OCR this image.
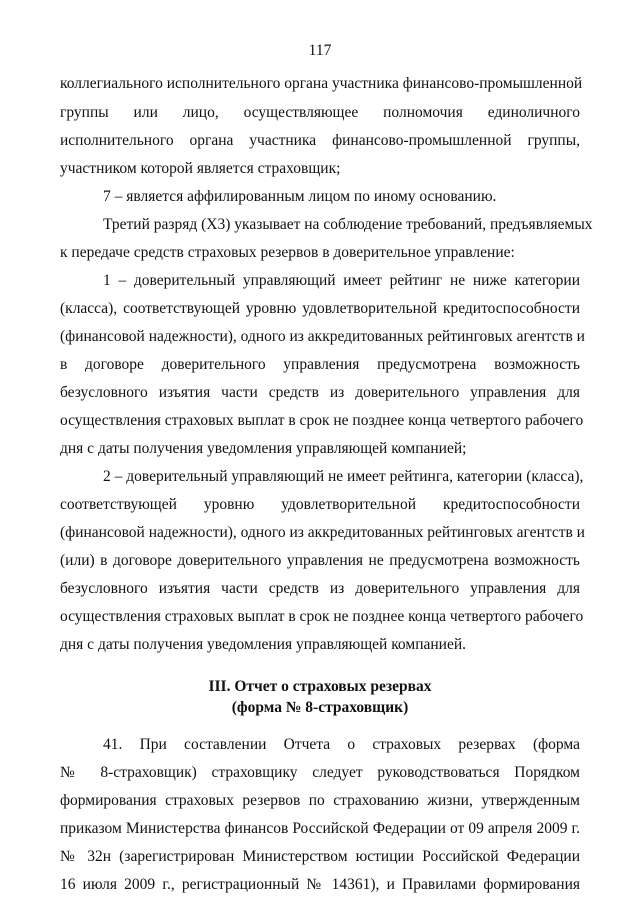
117
коллегиального исполнительного органа участника финансово-промышленной
группы или лицо, осуществляющее полномочия единоличного
исполнительного органа участника финансово-промышленной группы,
участником которой является страховщик;
7 – является аффилированным лицом по иному основанию.
Третий разряд (Х3) указывает на соблюдение требований, предъявляемых
к передаче средств страховых резервов в доверительное управление:
1 – доверительный управляющий имеет рейтинг не ниже категории
(класса), соответствующей уровню удовлетворительной кредитоспособности
(финансовой надежности), одного из аккредитованных рейтинговых агентств и
в договоре доверительного управления предусмотрена возможность
безусловного изъятия части средств из доверительного управления для
осуществления страховых выплат в срок не позднее конца четвертого рабочего
дня с даты получения уведомления управляющей компанией;
2 – доверительный управляющий не имеет рейтинга, категории (класса),
соответствующей уровню удовлетворительной кредитоспособности
(финансовой надежности), одного из аккредитованных рейтинговых агентств и
(или) в договоре доверительного управления не предусмотрена возможность
безусловного изъятия части средств из доверительного управления для
осуществления страховых выплат в срок не позднее конца четвертого рабочего
дня с даты получения уведомления управляющей компанией.
III. Отчет о страховых резервах
(форма № 8-страховщик)
41. При составлении Отчета о страховых резервах (форма
№ 8-страховщик) страховщику следует руководствоваться Порядком
формирования страховых резервов по страхованию жизни, утвержденным
приказом Министерства финансов Российской Федерации от 09 апреля 2009 г.
№ 32н (зарегистрирован Министерством юстиции Российской Федерации
16 июля 2009 г., регистрационный № 14361), и Правилами формирования
